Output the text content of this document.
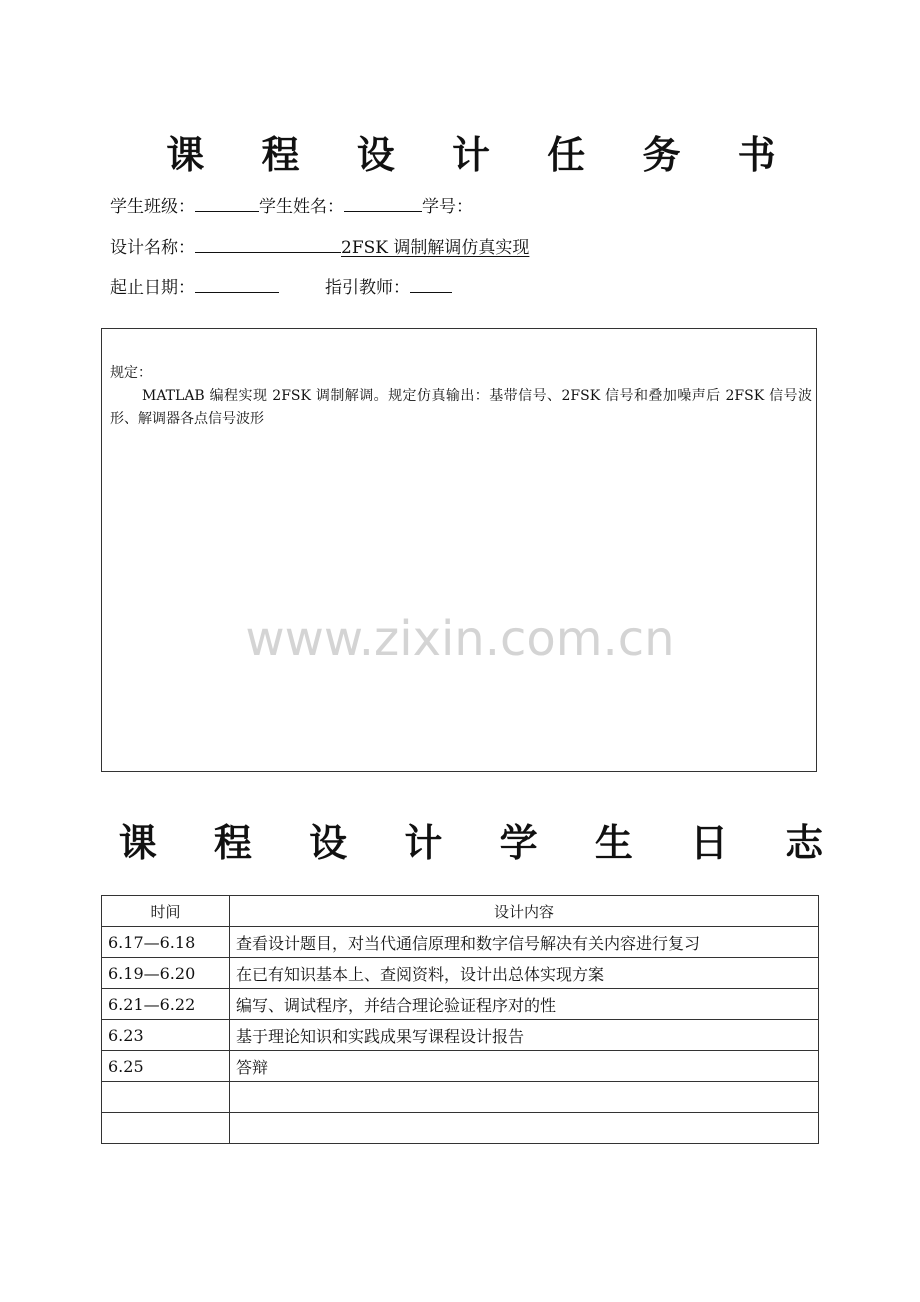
课 程 设 计 任 务 书
学生班级：	学生姓名：	学号：
设计名称：	2FSK 调制解调仿真实现
起止日期：	指引教师：
规定：
MATLAB 编程实现 2FSK 调制解调。规定仿真输出：基带信号、2FSK 信号和叠加噪声后 2FSK 信号波形、解调器各点信号波形
www.zixin.com.cn
课 程 设 计 学 生 日 志
时间	设计内容
6.17—6.18	查看设计题目，对当代通信原理和数字信号解决有关内容进行复习
6.19—6.20	在已有知识基本上、查阅资料，设计出总体实现方案
6.21—6.22	编写、调试程序，并结合理论验证程序对的性
6.23	基于理论知识和实践成果写课程设计报告
6.25	答辩
